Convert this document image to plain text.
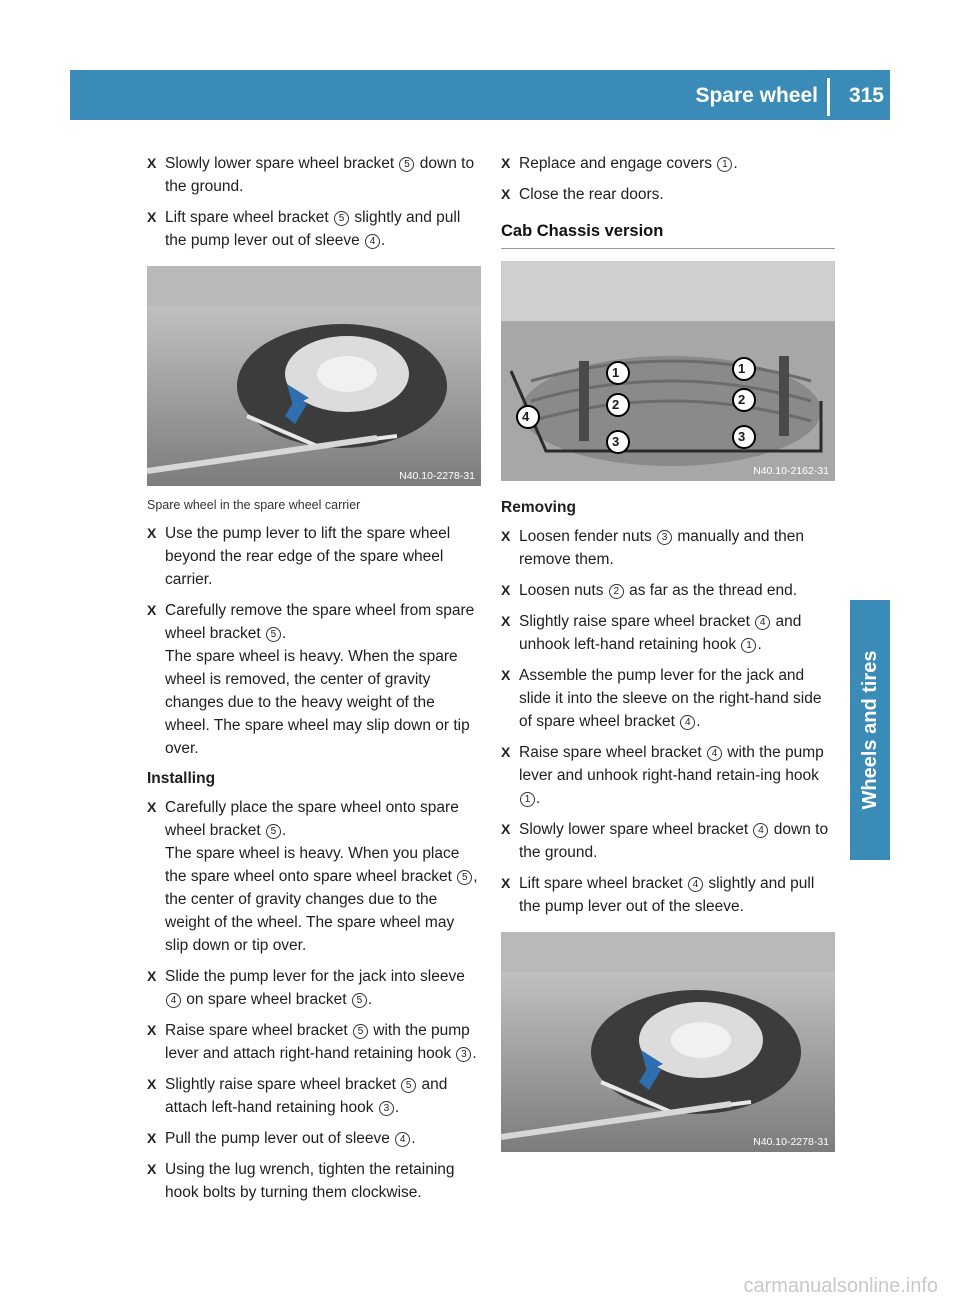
Spare wheel 315
Wheels and tires
X Slowly lower spare wheel bracket 5 down to the ground.

X Lift spare wheel bracket 5 slightly and pull the pump lever out of sleeve 4 .

N40.10-2278-31
Spare wheel in the spare wheel carrier
X Use the pump lever to lift the spare wheel beyond the rear edge of the spare wheel carrier.

X Carefully remove the spare wheel from spare wheel bracket 5 .

The spare wheel is heavy. When the spare wheel is removed, the center of gravity changes due to the heavy weight of the wheel. The spare wheel may slip down or tip over.

Installing
X Carefully place the spare wheel onto spare wheel bracket 5 .

The spare wheel is heavy. When you place the spare wheel onto spare wheel bracket 5 , the center of gravity changes due to the weight of the wheel. The spare wheel may slip down or tip over.

X Slide the pump lever for the jack into sleeve 4 on spare wheel bracket 5 .

X Raise spare wheel bracket 5 with the pump lever and attach right-hand retaining hook 3 .

X Slightly raise spare wheel bracket 5 and attach left-hand retaining hook 3 .

X Pull the pump lever out of sleeve 4 .

X Using the lug wrench, tighten the retaining hook bolts by turning them clockwise.

X Replace and engage covers 1 .

X Close the rear doors.

Cab Chassis version
1
2
3
4
1
2
3
N40.10-2162-31
Removing
X Loosen fender nuts 3 manually and then remove them.

X Loosen nuts 2 as far as the thread end.

X Slightly raise spare wheel bracket 4 and unhook left-hand retaining hook 1 .

X Assemble the pump lever for the jack and slide it into the sleeve on the right-hand side of spare wheel bracket 4 .

X Raise spare wheel bracket 4 with the pump lever and unhook right-hand retain-ing hook 1 .

X Slowly lower spare wheel bracket 4 down to the ground.

X Lift spare wheel bracket 4 slightly and pull the pump lever out of the sleeve.

N40.10-2278-31
carmanualsonline.info
